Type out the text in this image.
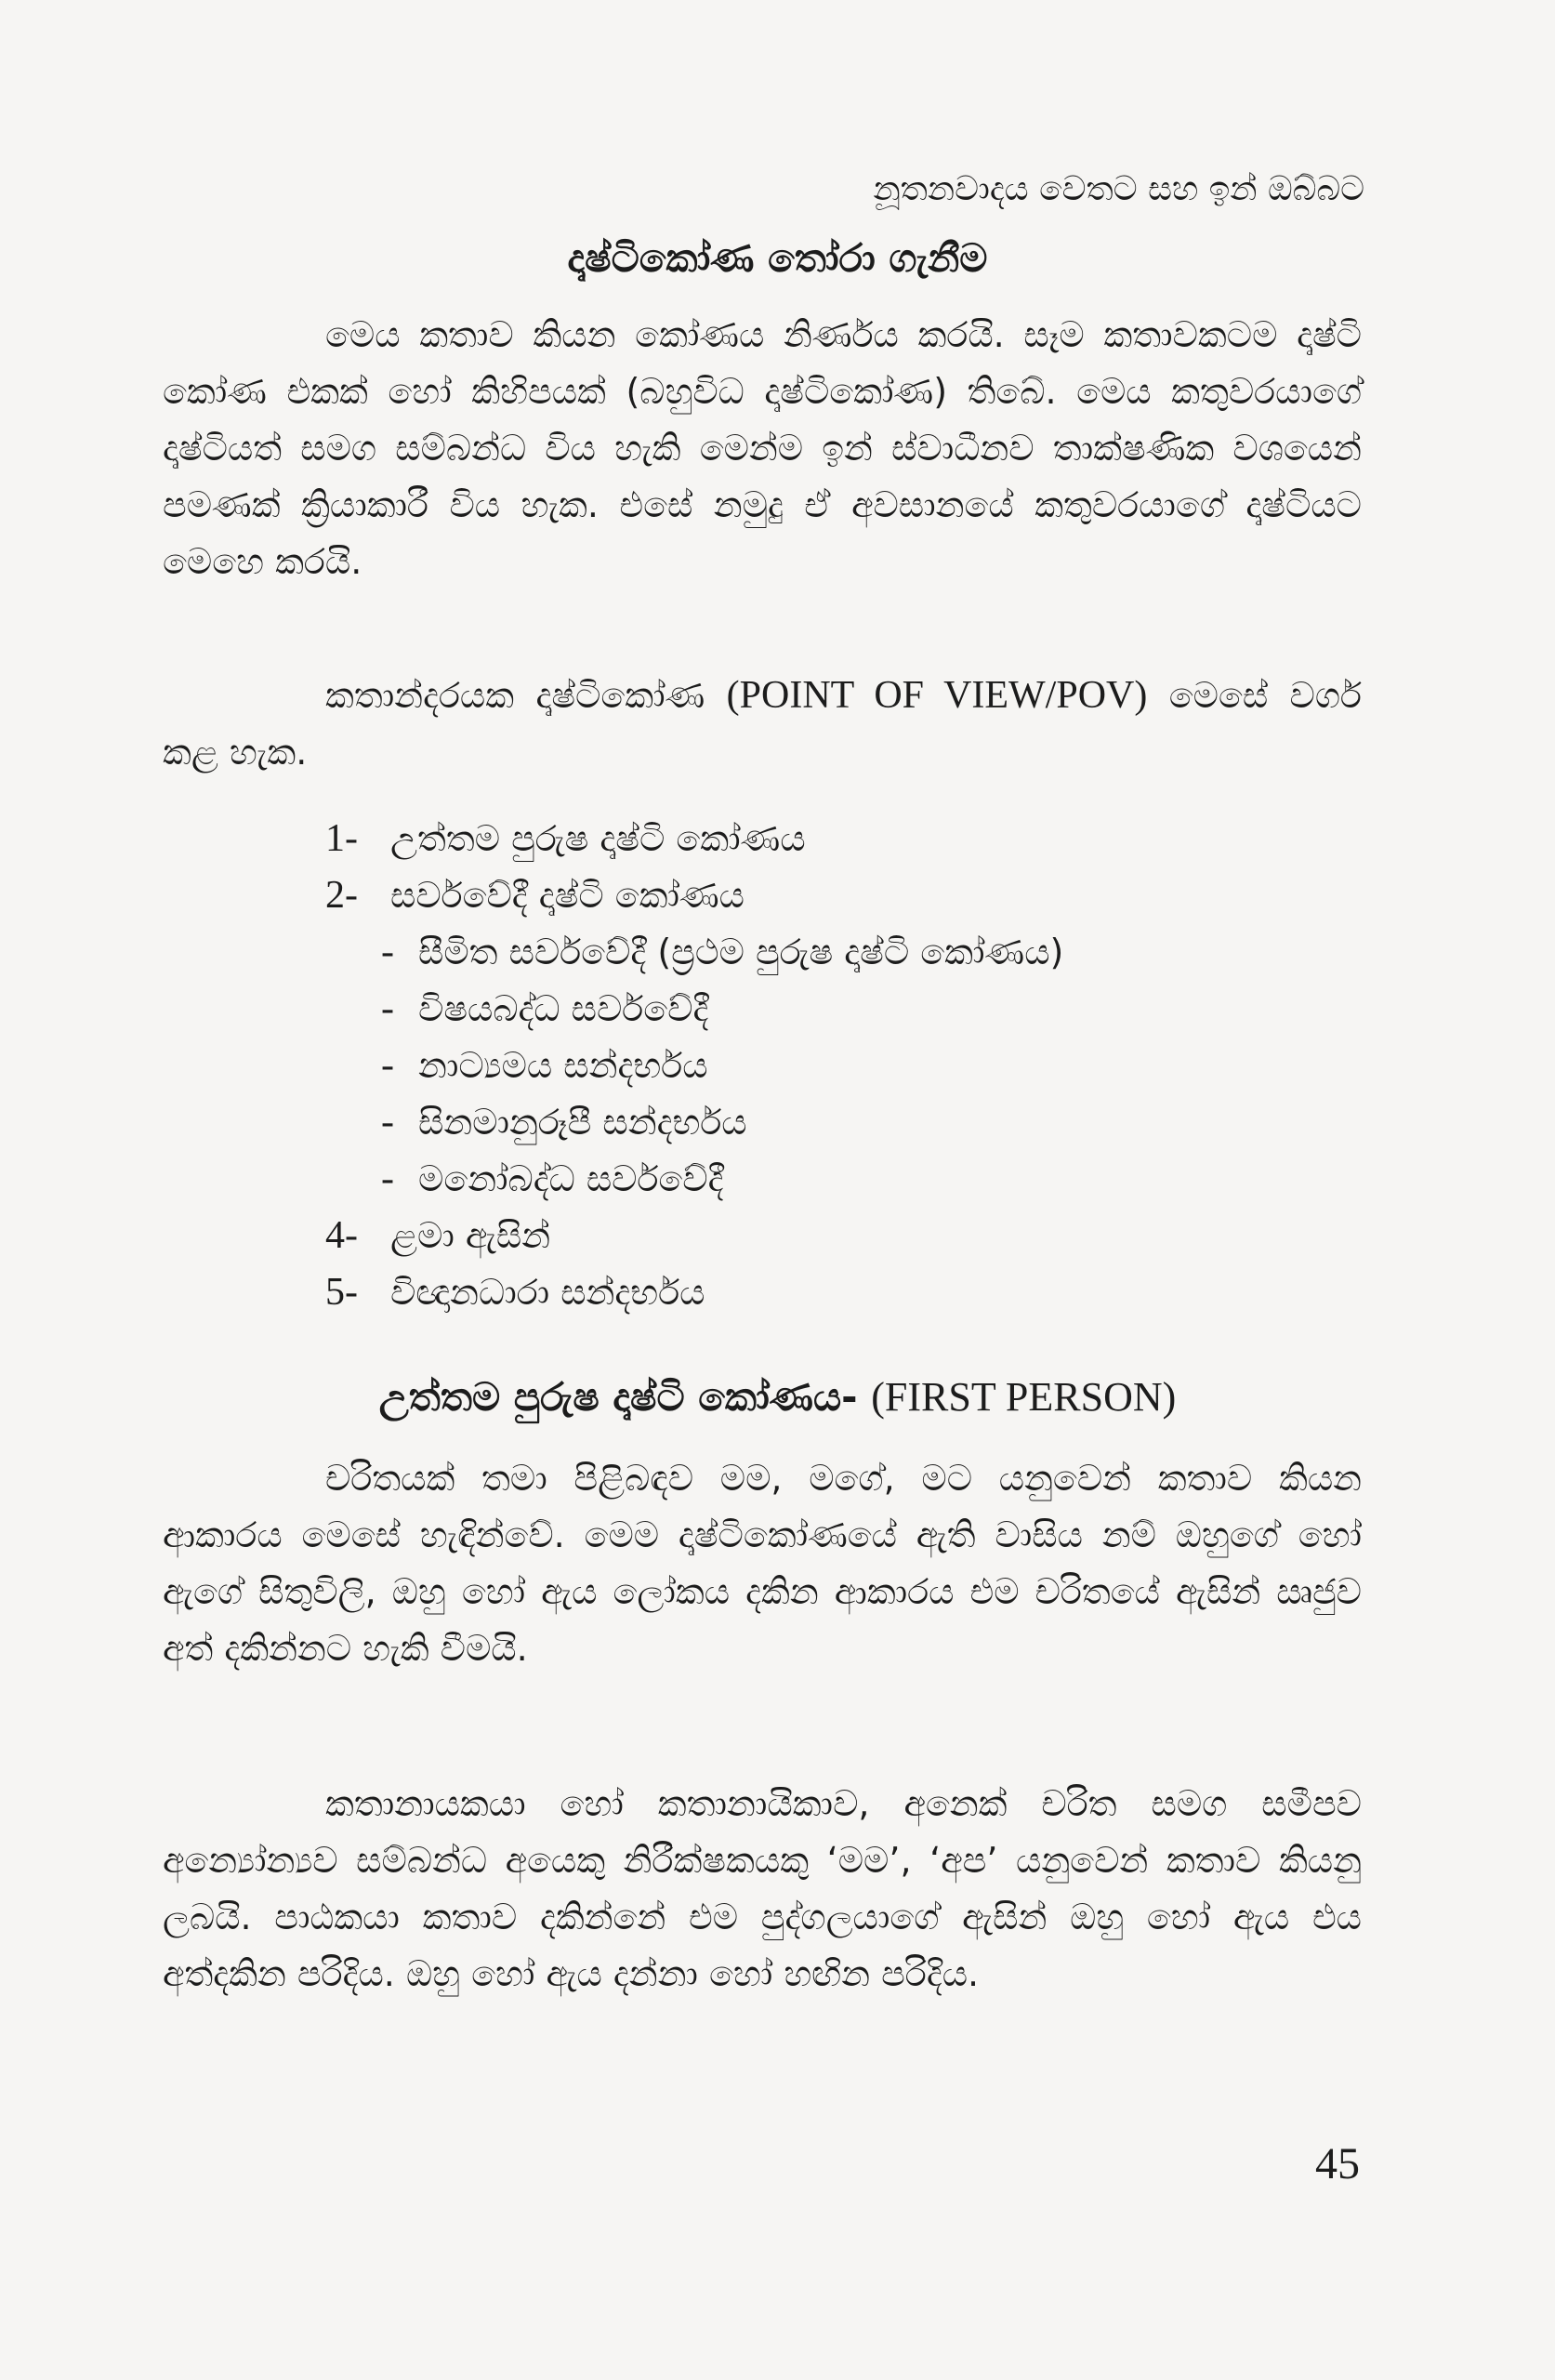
නූතනවාදය වෙතට සහ ඉන් ඔබ්බට
දෘෂ්ටිකෝණ තෝරා ගැනීම

මෙය කතාව කියන කෝණය නිර්ණය කරයි. සෑම කතාවකටම දෘෂ්ටි කෝණ එකක් හෝ කිහිපයක් (බහුවිධ දෘෂ්ටිකෝණ) තිබේ. මෙය කතුවරයාගේ දෘෂ්ටියත් සමග සම්බන්ධ විය හැකි මෙන්ම ඉන් ස්වාධීනව තාක්ෂණික වශයෙන් පමණක් ක්‍රියාකාරී විය හැක. එසේ නමුදු ඒ අවසානයේ කතුවරයාගේ දෘෂ්ටියට මෙහෙ කරයි.

කතාන්දරයක දෘෂ්ටිකෝණ (POINT OF VIEW/POV) මෙසේ වර්ග කළ හැක.

1- උත්තම පුරුෂ දෘෂ්ටි කෝණය
2- සර්වවේදී දෘෂ්ටි කෝණය
- සීමිත සර්වවේදී (ප්‍රථම පුරුෂ දෘෂ්ටි කෝණය)
- විෂයබද්ධ සර්වවේදී
- නාට්‍යමය සන්දර්භය
- සිනමානුරූපී සන්දර්භය
- මනෝබද්ධ සර්වවේදී
4- ළමා ඇසින්
5- විඥානධාරා සන්දර්භය
උත්තම පුරුෂ දෘෂ්ටි කෝණය- (FIRST PERSON)

චරිතයක් තමා පිළිබඳව මම, මගේ, මට යනුවෙන් කතාව කියන ආකාරය මෙසේ හැඳින්වේ. මෙම දෘෂ්ටිකෝණයේ ඇති වාසිය නම් ඔහුගේ හෝ ඇගේ සිතුවිලි, ඔහු හෝ ඇය ලෝකය දකින ආකාරය එම චරිතයේ ඇසින් ඍජුව අත් දකින්නට හැකි වීමයි.

කතානායකයා හෝ කතානායිකාව, අනෙක් චරිත සමග සමීපව අන්‍යෝන්‍යව සම්බන්ධ අයෙකු නිරීක්ෂකයකු ‘මම’, ‘අප’ යනුවෙන් කතාව කියනු ලබයි. පාඨකයා කතාව දකින්නේ එම පුද්ගලයාගේ ඇසින් ඔහු හෝ ඇය එය අත්දකින පරිදිය. ඔහු හෝ ඇය දන්නා හෝ හඟින පරිදිය.

45
